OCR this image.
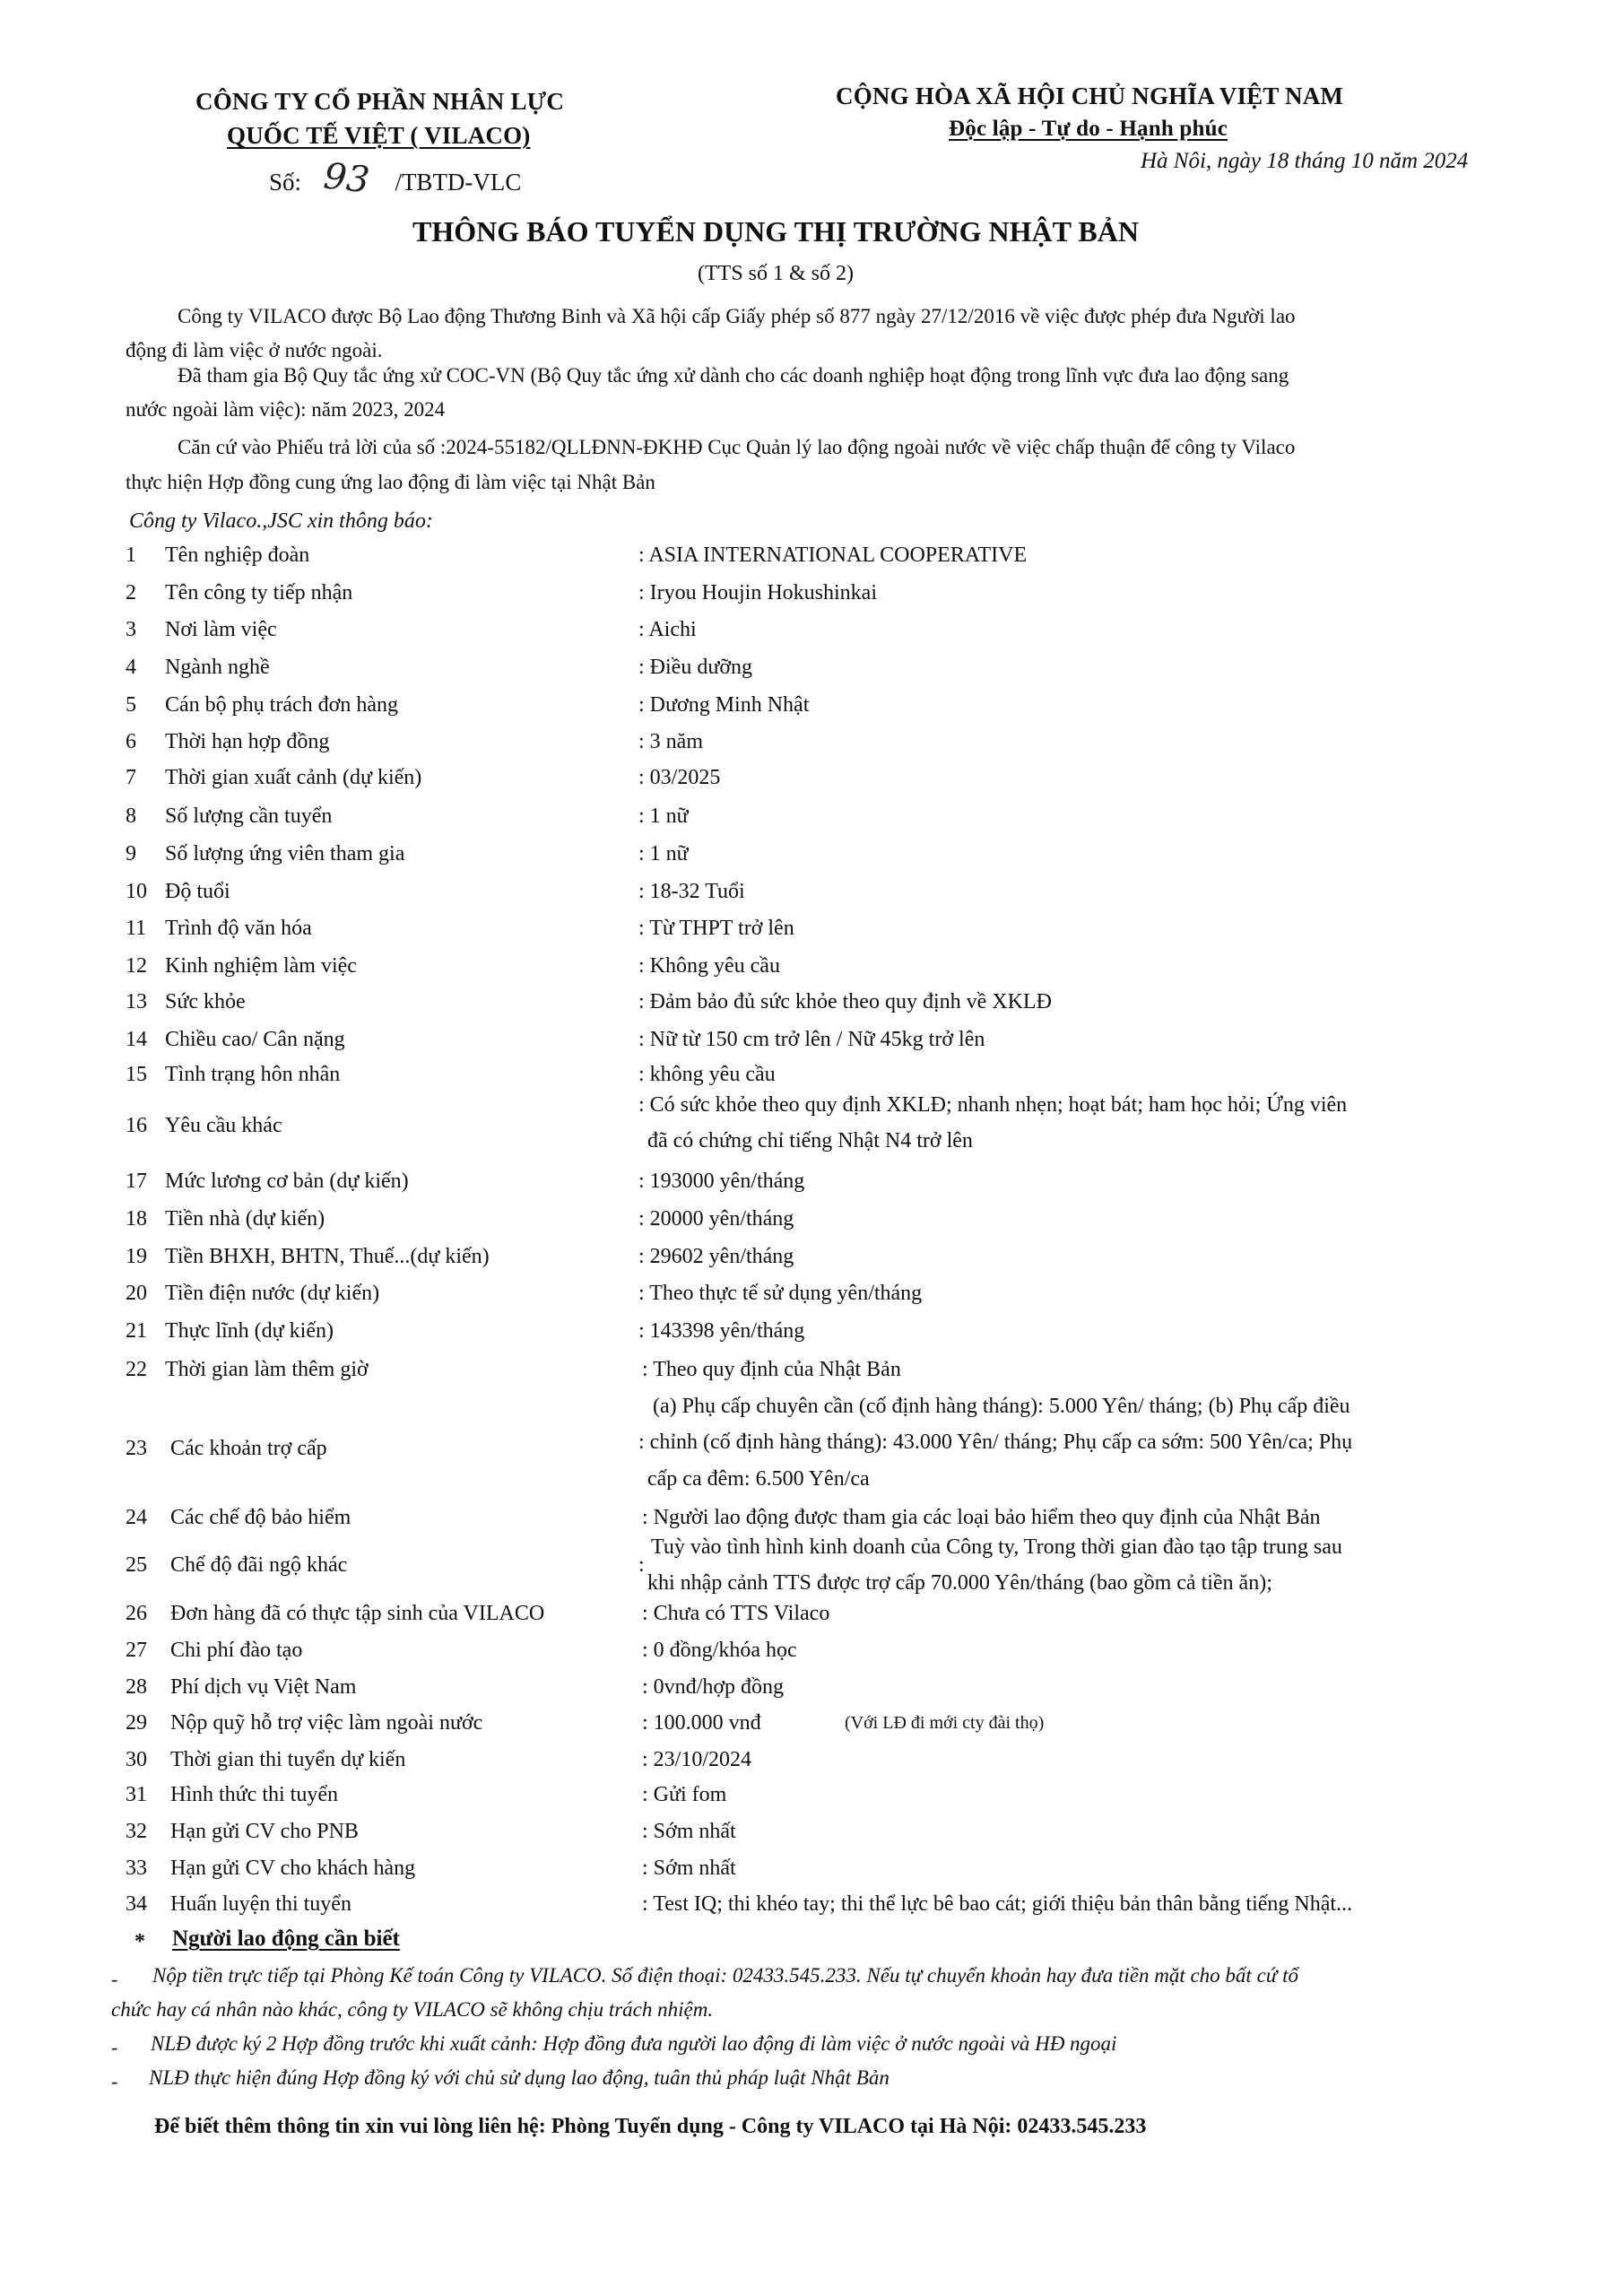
CÔNG TY CỔ PHẦN NHÂN LỰC
QUỐC TẾ VIỆT ( VILACO)
Số: 93 /TBTD-VLC
CỘNG HÒA XÃ HỘI CHỦ NGHĨA VIỆT NAM
Độc lập - Tự do - Hạnh phúc
Hà Nôi, ngày 18 tháng 10 năm 2024
THÔNG BÁO TUYỂN DỤNG THỊ TRƯỜNG NHẬT BẢN
(TTS số 1 & số 2)
Công ty VILACO được Bộ Lao động Thương Binh và Xã hội cấp Giấy phép số 877 ngày 27/12/2016 về việc được phép đưa Người lao
động đi làm việc ở nước ngoài.
Đã tham gia Bộ Quy tắc ứng xử COC-VN (Bộ Quy tắc ứng xử dành cho các doanh nghiệp hoạt động trong lĩnh vực đưa lao động sang
nước ngoài làm việc): năm 2023, 2024
Căn cứ vào Phiếu trả lời của số :2024-55182/QLLĐNN-ĐKHĐ Cục Quản lý lao động ngoài nước về việc chấp thuận để công ty Vilaco
thực hiện Hợp đồng cung ứng lao động đi làm việc tại Nhật Bản
Công ty Vilaco.,JSC xin thông báo:
1	Tên nghiệp đoàn	: ASIA INTERNATIONAL COOPERATIVE
2	Tên công ty tiếp nhận	: Iryou Houjin Hokushinkai
3	Nơi làm việc	: Aichi
4	Ngành nghề	: Điều dưỡng
5	Cán bộ phụ trách đơn hàng	: Dương Minh Nhật
6	Thời hạn hợp đồng	: 3 năm
7	Thời gian xuất cảnh (dự kiến)	: 03/2025
8	Số lượng cần tuyển	: 1 nữ
9	Số lượng ứng viên tham gia	: 1 nữ
10 Độ tuổi	: 18-32 Tuổi
11 Trình độ văn hóa	: Từ THPT trở lên
12 Kinh nghiệm làm việc	: Không yêu cầu
13 Sức khỏe	: Đảm bảo đủ sức khỏe theo quy định về XKLĐ
14 Chiều cao/ Cân nặng	: Nữ từ 150 cm trở lên / Nữ 45kg trở lên
15 Tình trạng hôn nhân	: không yêu cầu
16 Yêu cầu khác
: Có sức khỏe theo quy định XKLĐ; nhanh nhẹn; hoạt bát; ham học hỏi; Ứng viên
đã có chứng chỉ tiếng Nhật N4 trở lên
17 Mức lương cơ bản (dự kiến)	: 193000 yên/tháng
18 Tiền nhà (dự kiến)	: 20000 yên/tháng
19 Tiền BHXH, BHTN, Thuế...(dự kiến)	: 29602 yên/tháng
20 Tiền điện nước (dự kiến)	: Theo thực tế sử dụng yên/tháng
21 Thực lĩnh (dự kiến)	: 143398 yên/tháng
22 Thời gian làm thêm giờ	: Theo quy định của Nhật Bản
23	Các khoản trợ cấp
(a) Phụ cấp chuyên cần (cố định hàng tháng): 5.000 Yên/ tháng; (b) Phụ cấp điều
: chỉnh (cố định hàng tháng): 43.000 Yên/ tháng; Phụ cấp ca sớm: 500 Yên/ca; Phụ
cấp ca đêm: 6.500 Yên/ca
24	Các chế độ bảo hiểm	: Người lao động được tham gia các loại bảo hiểm theo quy định của Nhật Bản
25	Chế độ đãi ngộ khác
Tuỳ vào tình hình kinh doanh của Công ty, Trong thời gian đào tạo tập trung sau
:
khi nhập cảnh TTS được trợ cấp 70.000 Yên/tháng (bao gồm cả tiền ăn);
26	Đơn hàng đã có thực tập sinh của VILACO	: Chưa có TTS Vilaco
27	Chi phí đào tạo	: 0 đồng/khóa học
28	Phí dịch vụ Việt Nam	: 0vnđ/hợp đồng
29	Nộp quỹ hỗ trợ việc làm ngoài nước	: 100.000 vnđ	(Với LĐ đi mới cty đài thọ)
30	Thời gian thi tuyển dự kiến	: 23/10/2024
31	Hình thức thi tuyển	: Gửi fom
32	Hạn gửi CV cho PNB	: Sớm nhất
33	Hạn gửi CV cho khách hàng	: Sớm nhất
34	Huấn luyện thi tuyển	: Test IQ; thi khéo tay; thi thể lực bê bao cát; giới thiệu bản thân bằng tiếng Nhật...
* Người lao động cần biết
- Nộp tiền trực tiếp tại Phòng Kế toán Công ty VILACO. Số điện thoại: 02433.545.233. Nếu tự chuyển khoản hay đưa tiền mặt cho bất cứ tổ
chức hay cá nhân nào khác, công ty VILACO sẽ không chịu trách nhiệm.
- NLĐ được ký 2 Hợp đồng trước khi xuất cảnh: Hợp đồng đưa người lao động đi làm việc ở nước ngoài và HĐ ngoại
- NLĐ thực hiện đúng Hợp đồng ký với chủ sử dụng lao động, tuân thủ pháp luật Nhật Bản
Để biết thêm thông tin xin vui lòng liên hệ: Phòng Tuyển dụng - Công ty VILACO tại Hà Nội: 02433.545.233
